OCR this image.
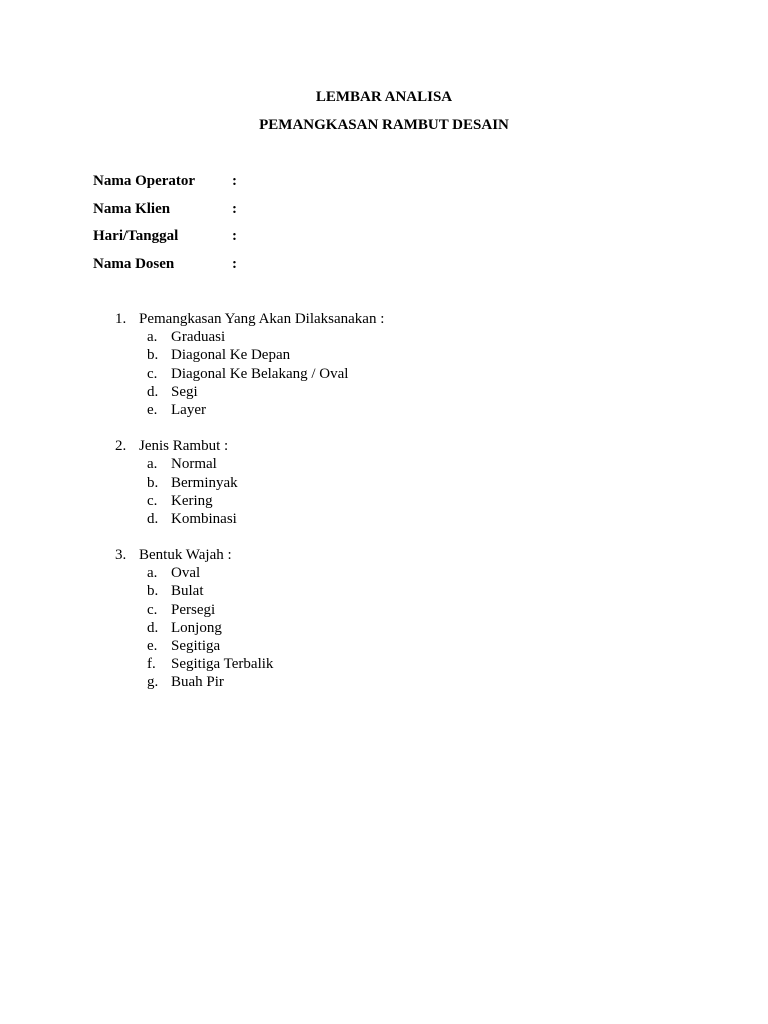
LEMBAR ANALISA
PEMANGKASAN RAMBUT DESAIN
Nama Operator :
Nama Klien	:
Hari/Tanggal	:
Nama Dosen	:
1. Pemangkasan Yang Akan Dilaksanakan :
a. Graduasi
b. Diagonal Ke Depan
c. Diagonal Ke Belakang / Oval
d. Segi
e. Layer
2. Jenis Rambut :
a. Normal
b. Berminyak
c. Kering
d. Kombinasi
3. Bentuk Wajah :
a. Oval
b. Bulat
c. Persegi
d. Lonjong
e. Segitiga
f. Segitiga Terbalik
g. Buah Pir
